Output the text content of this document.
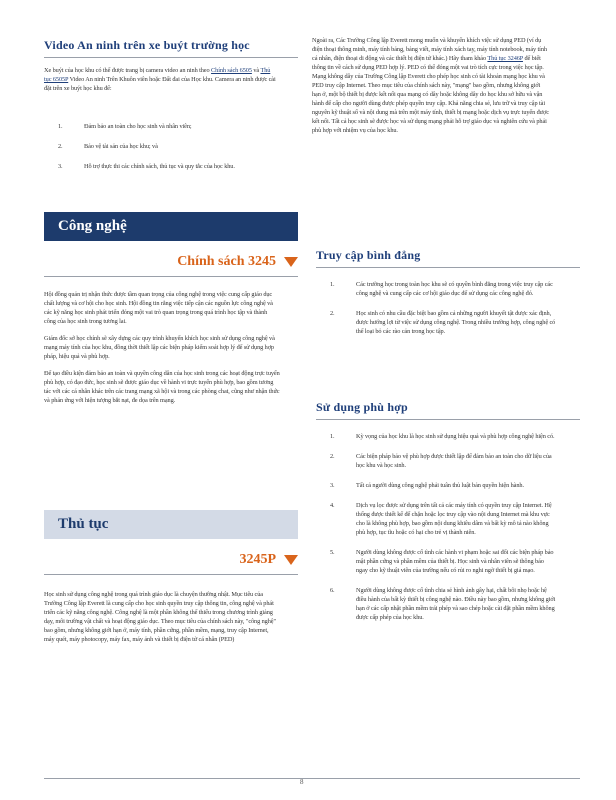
Video An ninh trên xe buýt trường học
Xe buýt của học khu có thể được trang bị camera video an ninh theo Chính sách 6505 và Thủ tục 6505P Video An ninh Trên Khuôn viên hoặc Đất đai của Học khu. Camera an ninh được cài đặt trên xe buýt học khu để:
1.	Đảm bảo an toàn cho học sinh và nhân viên;
2.	Bảo vệ tài sản của học khu; và
3.	Hỗ trợ thực thi các chính sách, thủ tục và quy tắc của học khu.
Công nghệ
Chính sách 3245

Hội đồng quản trị nhận thức được tầm quan trọng của công nghệ trong việc cung cấp giáo dục chất lượng và cơ hội cho học sinh. Hội đồng tin rằng việc tiếp cận các nguồn lực công nghệ và các kỹ năng học sinh phát triển đóng một vai trò quan trọng trong quá trình học tập và thành công của học sinh trong tương lai.

Giám đốc sở học chính sẽ xây dựng các quy trình khuyến khích học sinh sử dụng công nghệ và mạng máy tính của học khu, đồng thời thiết lập các biện pháp kiểm soát hợp lý để sử dụng hợp pháp, hiệu quả và phù hợp.

Để tạo điều kiện đảm bảo an toàn và quyền công dân của học sinh trong các hoạt động trực tuyến phù hợp, có đạo đức, học sinh sẽ được giáo dục về hành vi trực tuyến phù hợp, bao gồm tương tác với các cá nhân khác trên các trang mạng xã hội và trong các phòng chat, cũng như nhận thức và phản ứng với hiện tượng bắt nạt, đe dọa trên mạng.

Thủ tục
3245P
Học sinh sử dụng công nghệ trong quá trình giáo dục là chuyện thường nhật. Mục tiêu của Trường Công lập Everett là cung cấp cho học sinh quyền truy cập thông tin, công nghệ và phát triển các kỹ năng công nghệ. Công nghệ là một phần không thể thiếu trong chương trình giảng dạy, môi trường vật chất và hoạt động giáo dục. Theo mục tiêu của chính sách này, "công nghệ" bao gồm, nhưng không giới hạn ở, máy tính, phần cứng, phần mềm, mạng, truy cập Internet, máy quét, máy photocopy, máy fax, máy ảnh và thiết bị điện tử cá nhân (PED)
Ngoài ra, Các Trường Công lập Everett mong muốn và khuyến khích việc sử dụng PED (ví dụ điện thoại thông minh, máy tính bảng, bảng viết, máy tính xách tay, máy tính notebook, máy tính cá nhân, điện thoại di động và các thiết bị điện tử khác.) Hãy tham khảo Thủ tục 3246P để biết thông tin về cách sử dụng PED hợp lý. PED có thể đóng một vai trò tích cực trong việc học tập. Mạng không dây của Trường Công lập Everett cho phép học sinh có tài khoản mạng học khu và PED truy cập Internet. Theo mục tiêu của chính sách này, "mạng" bao gồm, nhưng không giới hạn ở, một bộ thiết bị được kết nối qua mạng có dây hoặc không dây do học khu sở hữu và vận hành để cấp cho người dùng được phép quyền truy cập. Khả năng chia sẻ, lưu trữ và truy cập tài nguyên kỹ thuật số và nội dung mà trên một máy tính, thiết bị mạng hoặc dịch vụ trực tuyến được kết nối. Tất cả học sinh sẽ được học và sử dụng mạng phải hỗ trợ giáo dục và nghiên cứu và phải phù hợp với nhiệm vụ của học khu.
Truy cập bình đẳng
1.	Các trường học trong toàn học khu sẽ có quyền bình đẳng trong việc truy cập các công nghệ và cung cấp các cơ hội giáo dục để sử dụng các công nghệ đó.
2.	Học sinh có nhu cầu đặc biệt bao gồm cả những người khuyết tật được xác định, được hướng lợi từ việc sử dụng công nghệ. Trong nhiều trường hợp, công nghệ có thể loại bỏ các rào cản trong học tập.
Sử dụng phù hợp
1.	Kỳ vọng của học khu là học sinh sử dụng hiệu quả và phù hợp công nghệ hiện có.
2.	Các biện pháp bảo vệ phù hợp được thiết lập để đảm bảo an toàn cho dữ liệu của học khu và học sinh.
3.	Tất cả người dùng công nghệ phải tuân thủ luật bản quyền hiện hành.
4.	Dịch vụ lọc được sử dụng trên tất cả các máy tính có quyền truy cập Internet. Hệ thống được thiết kế để chặn hoặc lọc truy cập vào nội dung Internet mà khu vực cho là không phù hợp, bao gồm nội dung khiêu dâm và bất kỳ mô tả nào không phù hợp, tục tĩu hoặc có hại cho trẻ vị thành niên.
5.	Người dùng không được cố tình các hành vi phạm hoặc sai đối các biện pháp bảo mật phần cứng và phần mềm của thiết bị. Học sinh và nhân viên sẽ thông báo ngay cho kỹ thuật viên của trường nếu có rủi ro nghi ngờ thiết bị giả mạo.
6.	Người dùng không được cố tình chia sẻ hình ảnh gây hại, chất bôi nhọ hoặc hệ điều hành của bất kỳ thiết bị công nghệ nào. Điều này bao gồm, nhưng không giới hạn ở các cấp nhật phần mềm trái phép và sao chép hoặc cài đặt phần mềm không được cấp phép của học khu.
8
